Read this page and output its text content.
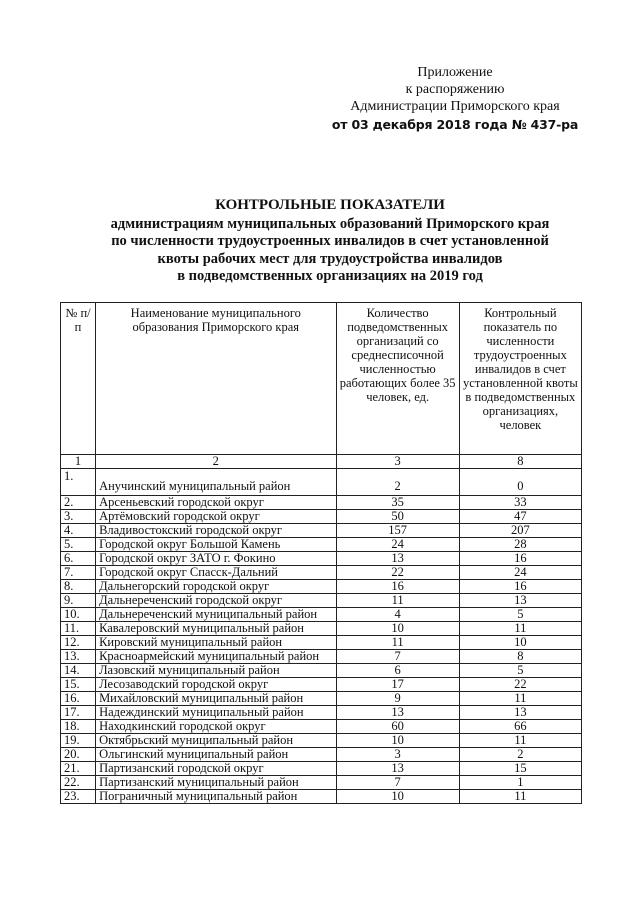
Приложение
к распоряжению
Администрации Приморского края
от 03 декабря 2018 года № 437-ра
КОНТРОЛЬНЫЕ ПОКАЗАТЕЛИ
администрациям муниципальных образований Приморского края
по численности трудоустроенных инвалидов в счет установленной
квоты рабочих мест для трудоустройства инвалидов
в подведомственных организациях на 2019 год
№ п/п	Наименование муниципального образования Приморского края	Количество подведомственных организаций со среднесписочной численностью работающих более 35 человек, ед.	Контрольный показатель по численности трудоустроенных инвалидов в счет установленной квоты в подведомственных организациях, человек
1	2	3	8
1.	Анучинский муниципальный район	2	0
2.	Арсеньевский городской округ	35	33
3.	Артёмовский городской округ	50	47
4.	Владивостокский городской округ	157	207
5.	Городской округ Большой Камень	24	28
6.	Городской округ ЗАТО г. Фокино	13	16
7.	Городской округ Спасск-Дальний	22	24
8.	Дальнегорский городской округ	16	16
9.	Дальнереченский городской округ	11	13
10.	Дальнереченский муниципальный район	4	5
11.	Кавалеровский муниципальный район	10	11
12.	Кировский муниципальный район	11	10
13.	Красноармейский муниципальный район	7	8
14.	Лазовский муниципальный район	6	5
15.	Лесозаводский городской округ	17	22
16.	Михайловский муниципальный район	9	11
17.	Надеждинский муниципальный район	13	13
18.	Находкинский городской округ	60	66
19.	Октябрьский муниципальный район	10	11
20.	Ольгинский муниципальный район	3	2
21.	Партизанский городской округ	13	15
22.	Партизанский муниципальный район	7	1
23.	Пограничный муниципальный район	10	11
